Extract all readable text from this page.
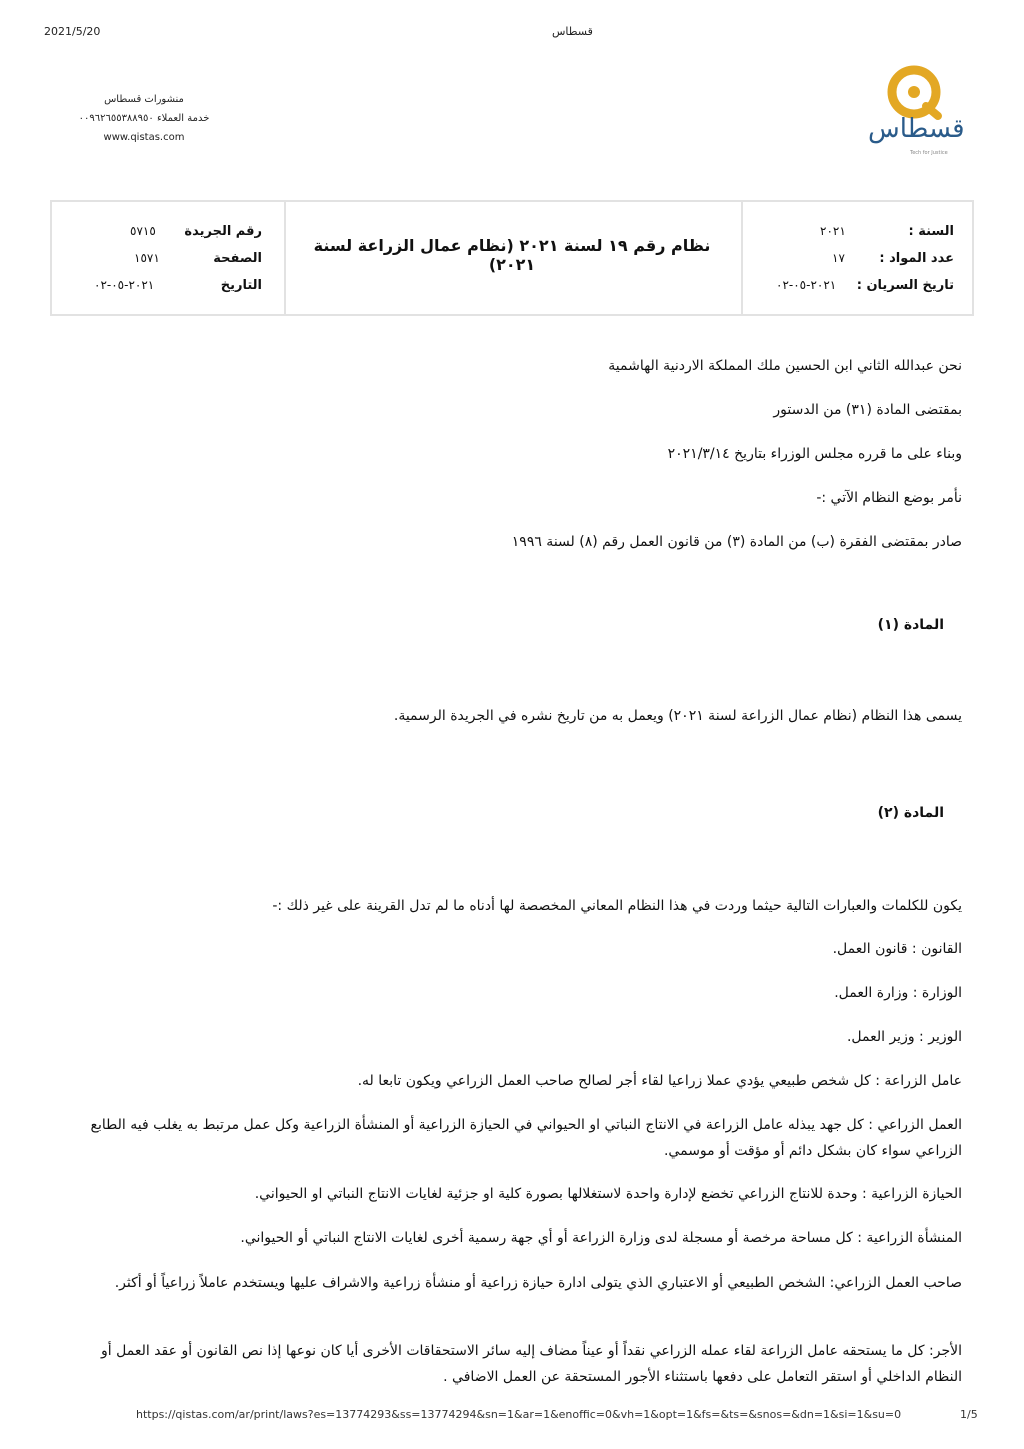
2021/5/20	قسطاس
منشورات قسطاس
خدمة العملاء ٠٠٩٦٢٦٥٥٣٨٨٩٥٠
www.qistas.com	قسطاس
Tech for Justice
السنة :
٢٠٢١
عدد المواد :
١٧
تاريخ السريان :
٢٠٢١-٠٥-٠٢
نظام رقم ١٩ لسنة ٢٠٢١ (نظام عمال الزراعة لسنة ٢٠٢١)
رقم الجريدة
٥٧١٥
الصفحة
١٥٧١
التاريخ
٢٠٢١-٠٥-٠٢
نحن عبدالله الثاني ابن الحسين ملك المملكة الاردنية الهاشمية
بمقتضى المادة (٣١) من الدستور
وبناء على ما قرره مجلس الوزراء بتاريخ ٢٠٢١/٣/١٤
نأمر بوضع النظام الآتي :-
صادر بمقتضى الفقرة (ب) من المادة (٣) من قانون العمل رقم (٨) لسنة ١٩٩٦
المادة (١)
يسمى هذا النظام (نظام عمال الزراعة لسنة ٢٠٢١) ويعمل به من تاريخ نشره في الجريدة الرسمية.
المادة (٢)
يكون للكلمات والعبارات التالية حيثما وردت في هذا النظام المعاني المخصصة لها أدناه ما لم تدل القرينة على غير ذلك :-
القانون : قانون العمل.
الوزارة : وزارة العمل.
الوزير : وزير العمل.
عامل الزراعة : كل شخص طبيعي يؤدي عملا زراعيا لقاء أجر لصالح صاحب العمل الزراعي ويكون تابعا له.
العمل الزراعي : كل جهد يبذله عامل الزراعة في الانتاج النباتي او الحيواني في الحيازة الزراعية أو المنشأة الزراعية وكل عمل مرتبط به يغلب فيه الطابع الزراعي سواء كان بشكل دائم أو مؤقت أو موسمي.
الحيازة الزراعية : وحدة للانتاج الزراعي تخضع لإدارة واحدة لاستغلالها بصورة كلية او جزئية لغايات الانتاج النباتي او الحيواني.
المنشأة الزراعية : كل مساحة مرخصة أو مسجلة لدى وزارة الزراعة أو أي جهة رسمية أخرى لغايات الانتاج النباتي أو الحيواني.
صاحب العمل الزراعي: الشخص الطبيعي أو الاعتباري الذي يتولى ادارة حيازة زراعية أو منشأة زراعية والاشراف عليها ويستخدم عاملاً زراعياً أو أكثر.
الأجر: كل ما يستحقه عامل الزراعة لقاء عمله الزراعي نقداً أو عيناً مضاف إليه سائر الاستحقاقات الأخرى أيا كان نوعها إذا نص القانون أو عقد العمل أو النظام الداخلي أو استقر التعامل على دفعها باستثناء الأجور المستحقة عن العمل الاضافي .
https://qistas.com/ar/print/laws?es=13774293&ss=13774294&sn=1&ar=1&enoffic=0&vh=1&opt=1&fs=&ts=&snos=&dn=1&si=1&su=0	1/5
